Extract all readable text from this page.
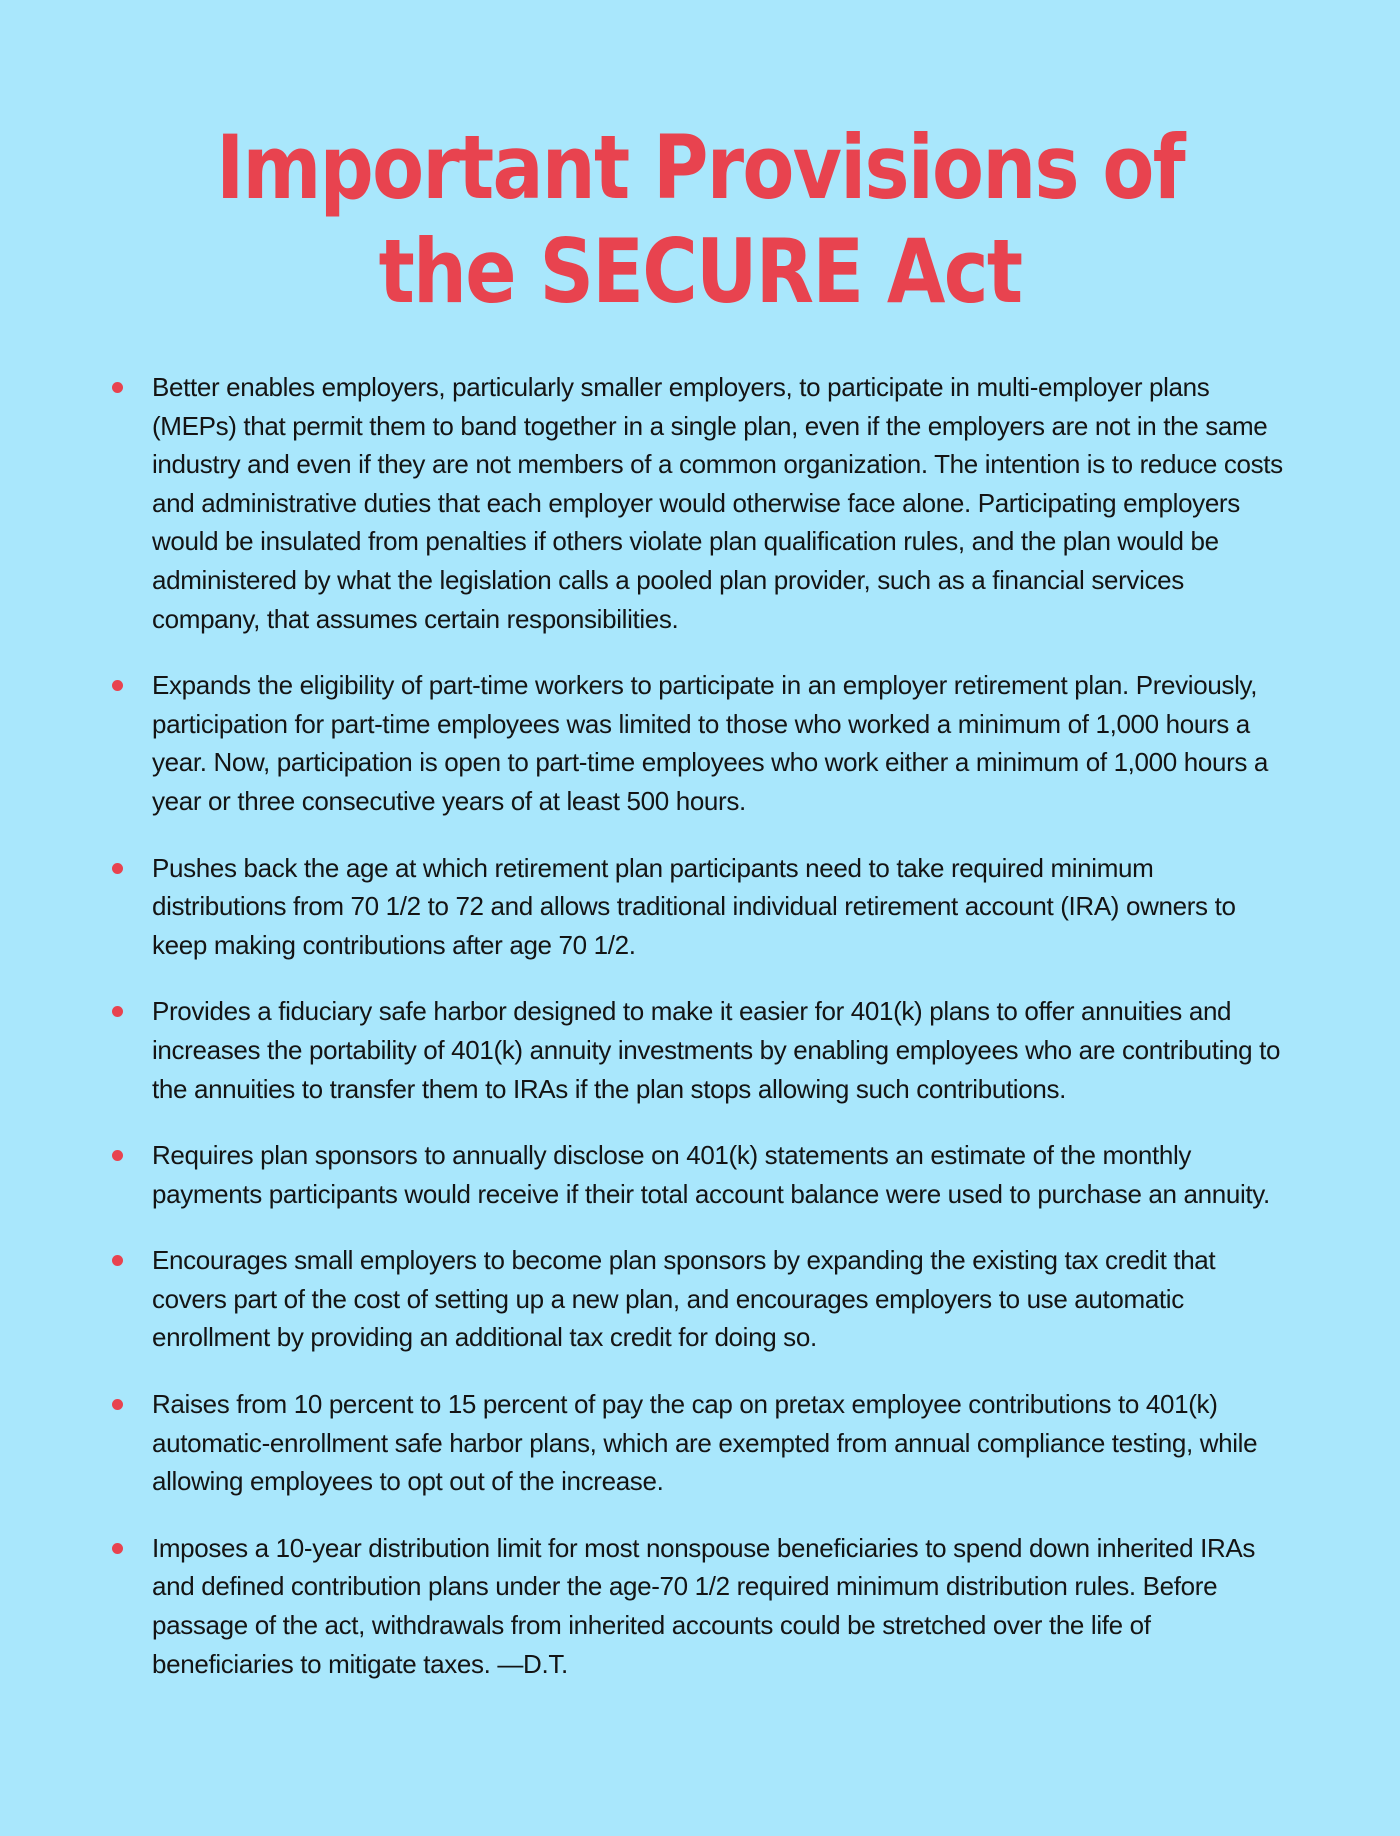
Important Provisions of
the SECURE Act
Better enables employers, particularly smaller employers, to participate in multi-employer plans (MEPs) that permit them to band together in a single plan, even if the employers are not in the same industry and even if they are not members of a common organization. The intention is to reduce costs and administrative duties that each employer would otherwise face alone. Participating employers would be insulated from penalties if others violate plan qualification rules, and the plan would be administered by what the legislation calls a pooled plan provider, such as a financial services company, that assumes certain responsibilities.
Expands the eligibility of part-time workers to participate in an employer retirement plan. Previously, participation for part-time employees was limited to those who worked a minimum of 1,000 hours a year. Now, participation is open to part-time employees who work either a minimum of 1,000 hours a year or three consecutive years of at least 500 hours.
Pushes back the age at which retirement plan participants need to take required minimum distributions from 70 1/2 to 72 and allows traditional individual retirement account (IRA) owners to keep making contributions after age 70 1/2.
Provides a fiduciary safe harbor designed to make it easier for 401(k) plans to offer annuities and increases the portability of 401(k) annuity investments by enabling employees who are contributing to the annuities to transfer them to IRAs if the plan stops allowing such contributions.
Requires plan sponsors to annually disclose on 401(k) statements an estimate of the monthly payments participants would receive if their total account balance were used to purchase an annuity.
Encourages small employers to become plan sponsors by expanding the existing tax credit that covers part of the cost of setting up a new plan, and encourages employers to use automatic enrollment by providing an additional tax credit for doing so.
Raises from 10 percent to 15 percent of pay the cap on pretax employee contributions to 401(k) automatic-enrollment safe harbor plans, which are exempted from annual compliance testing, while allowing employees to opt out of the increase.
Imposes a 10-year distribution limit for most nonspouse beneficiaries to spend down inherited IRAs and defined contribution plans under the age-70 1/2 required minimum distribution rules. Before passage of the act, withdrawals from inherited accounts could be stretched over the life of beneficiaries to mitigate taxes. —D.T.
